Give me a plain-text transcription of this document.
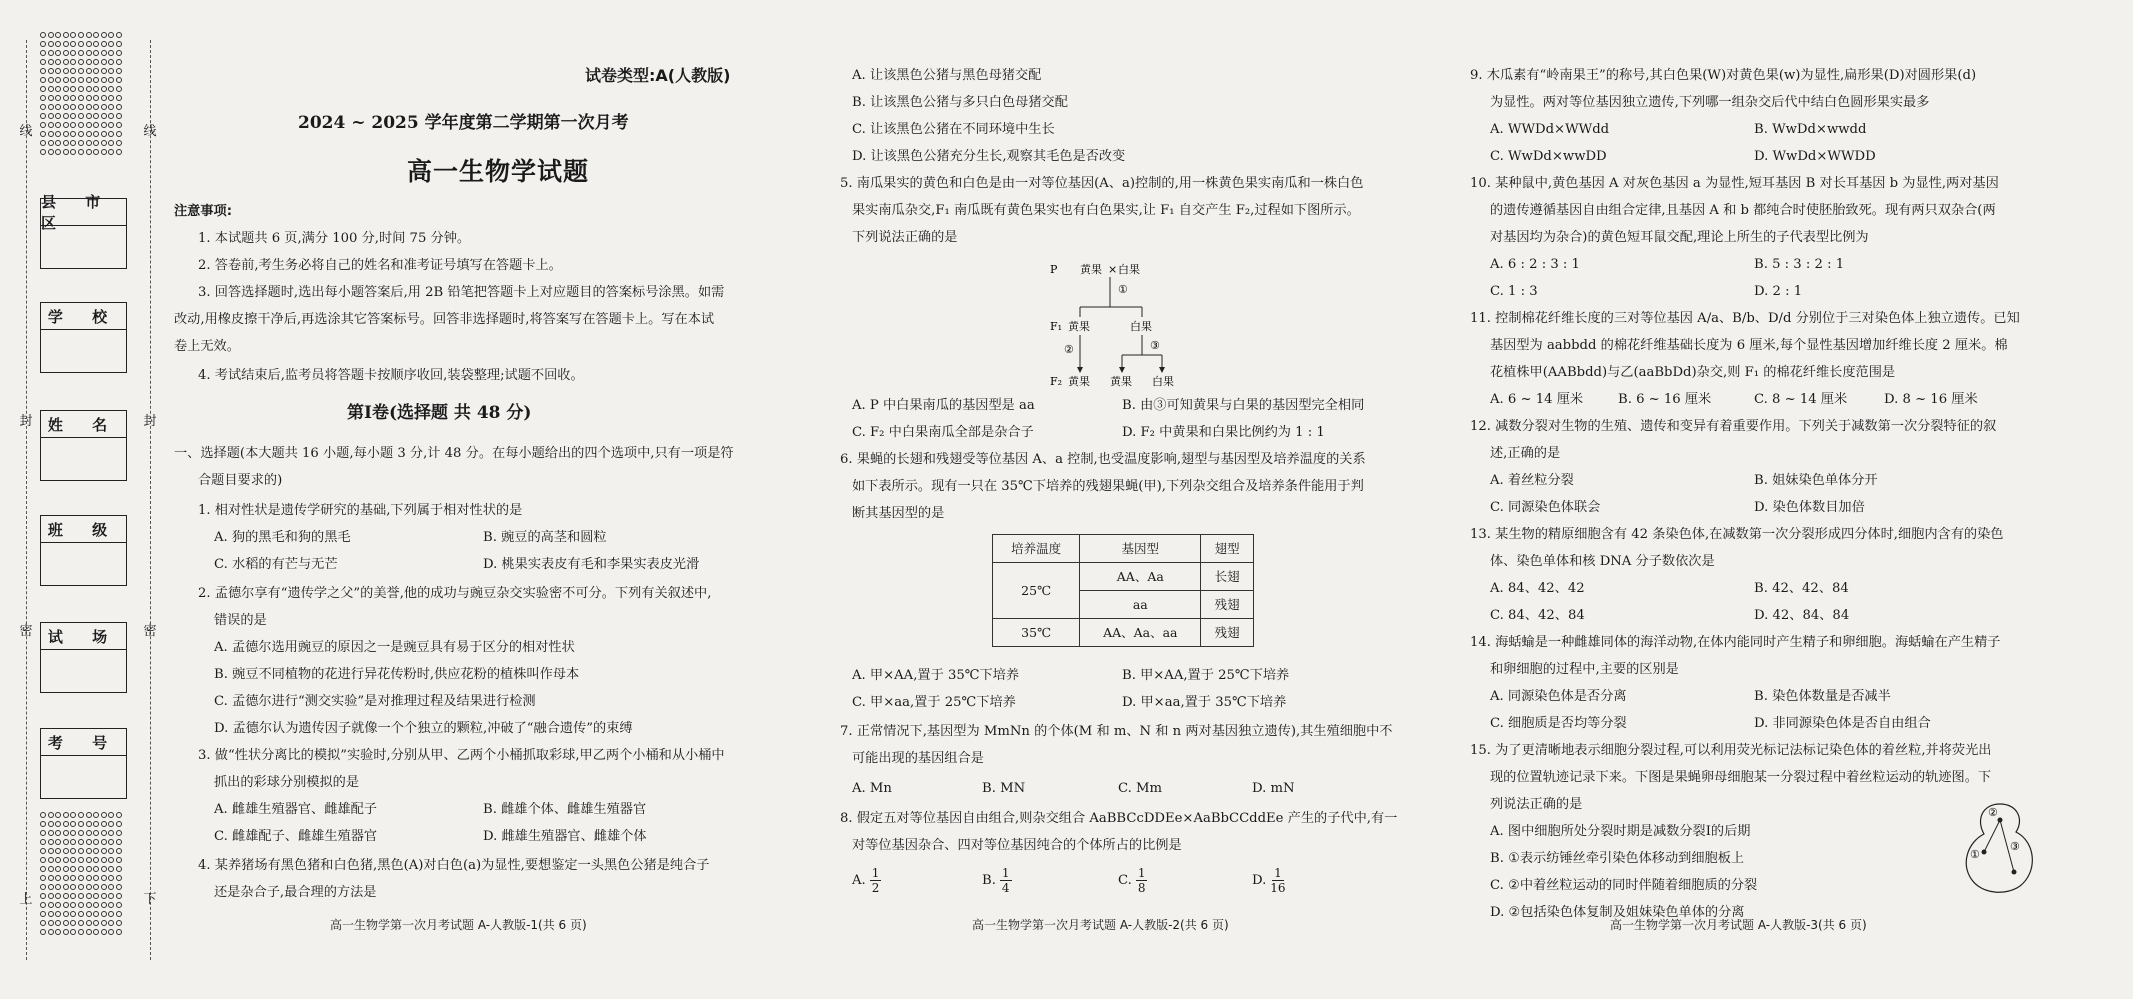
线
封
密
上
线
封
密
下
县 市 区
学 校
姓 名
班 级
试 场
考 号
试卷类型:A(人教版)
2024 ~ 2025 学年度第二学期第一次月考
高一生物学试题
注意事项:
1. 本试题共 6 页,满分 100 分,时间 75 分钟。
2. 答卷前,考生务必将自己的姓名和准考证号填写在答题卡上。
3. 回答选择题时,选出每小题答案后,用 2B 铅笔把答题卡上对应题目的答案标号涂黑。如需
改动,用橡皮擦干净后,再选涂其它答案标号。回答非选择题时,将答案写在答题卡上。写在本试
卷上无效。
4. 考试结束后,监考员将答题卡按顺序收回,装袋整理;试题不回收。
第Ⅰ卷(选择题 共 48 分)
一、选择题(本大题共 16 小题,每小题 3 分,计 48 分。在每小题给出的四个选项中,只有一项是符
合题目要求的)
1. 相对性状是遗传学研究的基础,下列属于相对性状的是
A. 狗的黑毛和狗的黑毛	B. 豌豆的高茎和圆粒
C. 水稻的有芒与无芒	D. 桃果实表皮有毛和李果实表皮光滑
2. 孟德尔享有“遗传学之父”的美誉,他的成功与豌豆杂交实验密不可分。下列有关叙述中,
错误的是
A. 孟德尔选用豌豆的原因之一是豌豆具有易于区分的相对性状
B. 豌豆不同植物的花进行异花传粉时,供应花粉的植株叫作母本
C. 孟德尔进行“测交实验”是对推理过程及结果进行检测
D. 孟德尔认为遗传因子就像一个个独立的颗粒,冲破了“融合遗传”的束缚
3. 做“性状分离比的模拟”实验时,分别从甲、乙两个小桶抓取彩球,甲乙两个小桶和从小桶中
抓出的彩球分别模拟的是
A. 雌雄生殖器官、雌雄配子	B. 雌雄个体、雌雄生殖器官
C. 雌雄配子、雌雄生殖器官	D. 雌雄生殖器官、雌雄个体
4. 某养猪场有黑色猪和白色猪,黑色(A)对白色(a)为显性,要想鉴定一头黑色公猪是纯合子
还是杂合子,最合理的方法是
高一生物学第一次月考试题 A-人教版-1(共 6 页)
A. 让该黑色公猪与黑色母猪交配
B. 让该黑色公猪与多只白色母猪交配
C. 让该黑色公猪在不同环境中生长
D. 让该黑色公猪充分生长,观察其毛色是否改变
5. 南瓜果实的黄色和白色是由一对等位基因(A、a)控制的,用一株黄色果实南瓜和一株白色
果实南瓜杂交,F₁ 南瓜既有黄色果实也有白色果实,让 F₁ 自交产生 F₂,过程如下图所示。
下列说法正确的是
P 黄果 × 白果
①
F₁ 黄果	白果
②	③
F₂ 黄果 黄果 白果
A. P 中白果南瓜的基因型是 aa	B. 由③可知黄果与白果的基因型完全相同
C. F₂ 中白果南瓜全部是杂合子	D. F₂ 中黄果和白果比例约为 1 : 1
6. 果蝇的长翅和残翅受等位基因 A、a 控制,也受温度影响,翅型与基因型及培养温度的关系
如下表所示。现有一只在 35℃下培养的残翅果蝇(甲),下列杂交组合及培养条件能用于判
断其基因型的是
培养温度	基因型	翅型
25℃	AA、Aa	长翅
	aa	残翅
35℃	AA、Aa、aa	残翅
A. 甲×AA,置于 35℃下培养	B. 甲×AA,置于 25℃下培养
C. 甲×aa,置于 25℃下培养	D. 甲×aa,置于 35℃下培养
7. 正常情况下,基因型为 MmNn 的个体(M 和 m、N 和 n 两对基因独立遗传),其生殖细胞中不
可能出现的基因组合是
A. Mn	B. MN	C. Mm	D. mN
8. 假定五对等位基因自由组合,则杂交组合 AaBBCcDDEe×AaBbCCddEe 产生的子代中,有一
对等位基因杂合、四对等位基因纯合的个体所占的比例是
A. $\frac{1}{2}$	B. $\frac{1}{4}$	C. $\frac{1}{8}$	D. $\frac{1}{16}$
高一生物学第一次月考试题 A-人教版-2(共 6 页)
9. 木瓜素有“岭南果王”的称号,其白色果(W)对黄色果(w)为显性,扁形果(D)对圆形果(d)
为显性。两对等位基因独立遗传,下列哪一组杂交后代中结白色圆形果实最多
A. WWDd×WWdd	B. WwDd×wwdd
C. WwDd×wwDD	D. WwDd×WWDD
10. 某种鼠中,黄色基因 A 对灰色基因 a 为显性,短耳基因 B 对长耳基因 b 为显性,两对基因
的遗传遵循基因自由组合定律,且基因 A 和 b 都纯合时使胚胎致死。现有两只双杂合(两
对基因均为杂合)的黄色短耳鼠交配,理论上所生的子代表型比例为
A. 6 : 2 : 3 : 1	B. 5 : 3 : 2 : 1
C. 1 : 3	D. 2 : 1
11. 控制棉花纤维长度的三对等位基因 A/a、B/b、D/d 分别位于三对染色体上独立遗传。已知
基因型为 aabbdd 的棉花纤维基础长度为 6 厘米,每个显性基因增加纤维长度 2 厘米。棉
花植株甲(AABbdd)与乙(aaBbDd)杂交,则 F₁ 的棉花纤维长度范围是
A. 6 ~ 14 厘米	B. 6 ~ 16 厘米	C. 8 ~ 14 厘米	D. 8 ~ 16 厘米
12. 减数分裂对生物的生殖、遗传和变异有着重要作用。下列关于减数第一次分裂特征的叙
述,正确的是
A. 着丝粒分裂	B. 姐妹染色单体分开
C. 同源染色体联会	D. 染色体数目加倍
13. 某生物的精原细胞含有 42 条染色体,在减数第一次分裂形成四分体时,细胞内含有的染色
体、染色单体和核 DNA 分子数依次是
A. 84、42、42	B. 42、42、84
C. 84、42、84	D. 42、84、84
14. 海蛞蝓是一种雌雄同体的海洋动物,在体内能同时产生精子和卵细胞。海蛞蝓在产生精子
和卵细胞的过程中,主要的区别是
A. 同源染色体是否分离	B. 染色体数量是否减半
C. 细胞质是否均等分裂	D. 非同源染色体是否自由组合
15. 为了更清晰地表示细胞分裂过程,可以利用荧光标记法标记染色体的着丝粒,并将荧光出
现的位置轨迹记录下来。下图是果蝇卵母细胞某一分裂过程中着丝粒运动的轨迹图。下
列说法正确的是
A. 图中细胞所处分裂时期是减数分裂Ⅰ的后期
B. ①表示纺锤丝牵引染色体移动到细胞板上
C. ②中着丝粒运动的同时伴随着细胞质的分裂
D. ②包括染色体复制及姐妹染色单体的分离
①
②
③
高一生物学第一次月考试题 A-人教版-3(共 6 页)
